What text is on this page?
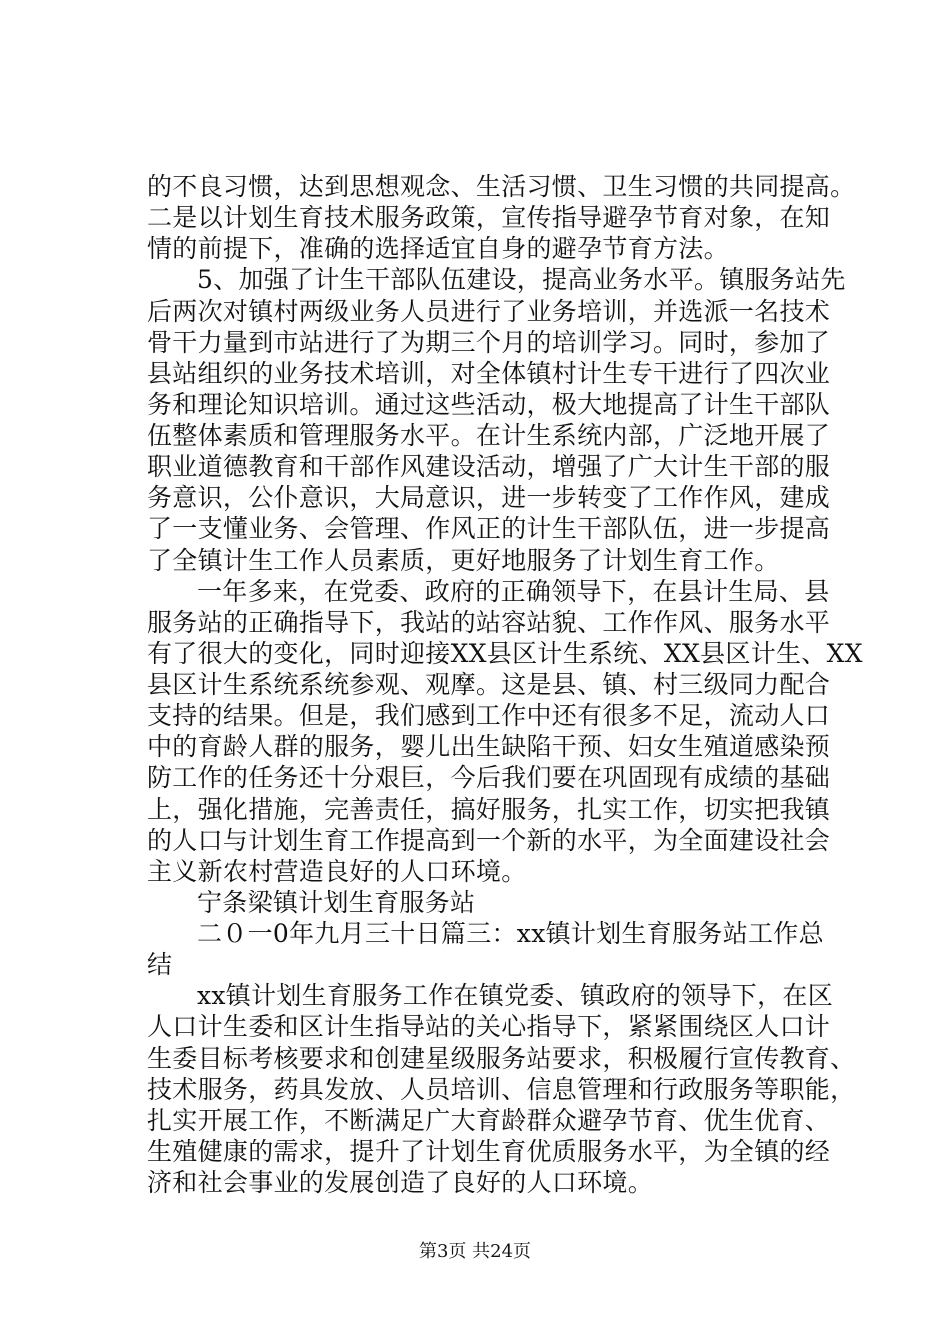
的不良习惯，达到思想观念、生活习惯、卫生习惯的共同提高。
二是以计划生育技术服务政策，宣传指导避孕节育对象，在知
情的前提下，准确的选择适宜自身的避孕节育方法。
5、加强了计生干部队伍建设，提高业务水平。镇服务站先
后两次对镇村两级业务人员进行了业务培训，并选派一名技术
骨干力量到市站进行了为期三个月的培训学习。同时，参加了
县站组织的业务技术培训，对全体镇村计生专干进行了四次业
务和理论知识培训。通过这些活动，极大地提高了计生干部队
伍整体素质和管理服务水平。在计生系统内部，广泛地开展了
职业道德教育和干部作风建设活动，增强了广大计生干部的服
务意识，公仆意识，大局意识，进一步转变了工作作风，建成
了一支懂业务、会管理、作风正的计生干部队伍，进一步提高
了全镇计生工作人员素质，更好地服务了计划生育工作。
一年多来，在党委、政府的正确领导下，在县计生局、县
服务站的正确指导下，我站的站容站貌、工作作风、服务水平
有了很大的变化，同时迎接XX县区计生系统、XX县区计生、XX
县区计生系统系统参观、观摩。这是县、镇、村三级同力配合
支持的结果。但是，我们感到工作中还有很多不足，流动人口
中的育龄人群的服务，婴儿出生缺陷干预、妇女生殖道感染预
防工作的任务还十分艰巨，今后我们要在巩固现有成绩的基础
上，强化措施，完善责任，搞好服务，扎实工作，切实把我镇
的人口与计划生育工作提高到一个新的水平，为全面建设社会
主义新农村营造良好的人口环境。
宁条梁镇计划生育服务站
二０一0年九月三十日篇三：xx镇计划生育服务站工作总
结
xx镇计划生育服务工作在镇党委、镇政府的领导下，在区
人口计生委和区计生指导站的关心指导下，紧紧围绕区人口计
生委目标考核要求和创建星级服务站要求，积极履行宣传教育、
技术服务，药具发放、人员培训、信息管理和行政服务等职能，
扎实开展工作，不断满足广大育龄群众避孕节育、优生优育、
生殖健康的需求，提升了计划生育优质服务水平，为全镇的经
济和社会事业的发展创造了良好的人口环境。
第3页 共24页
